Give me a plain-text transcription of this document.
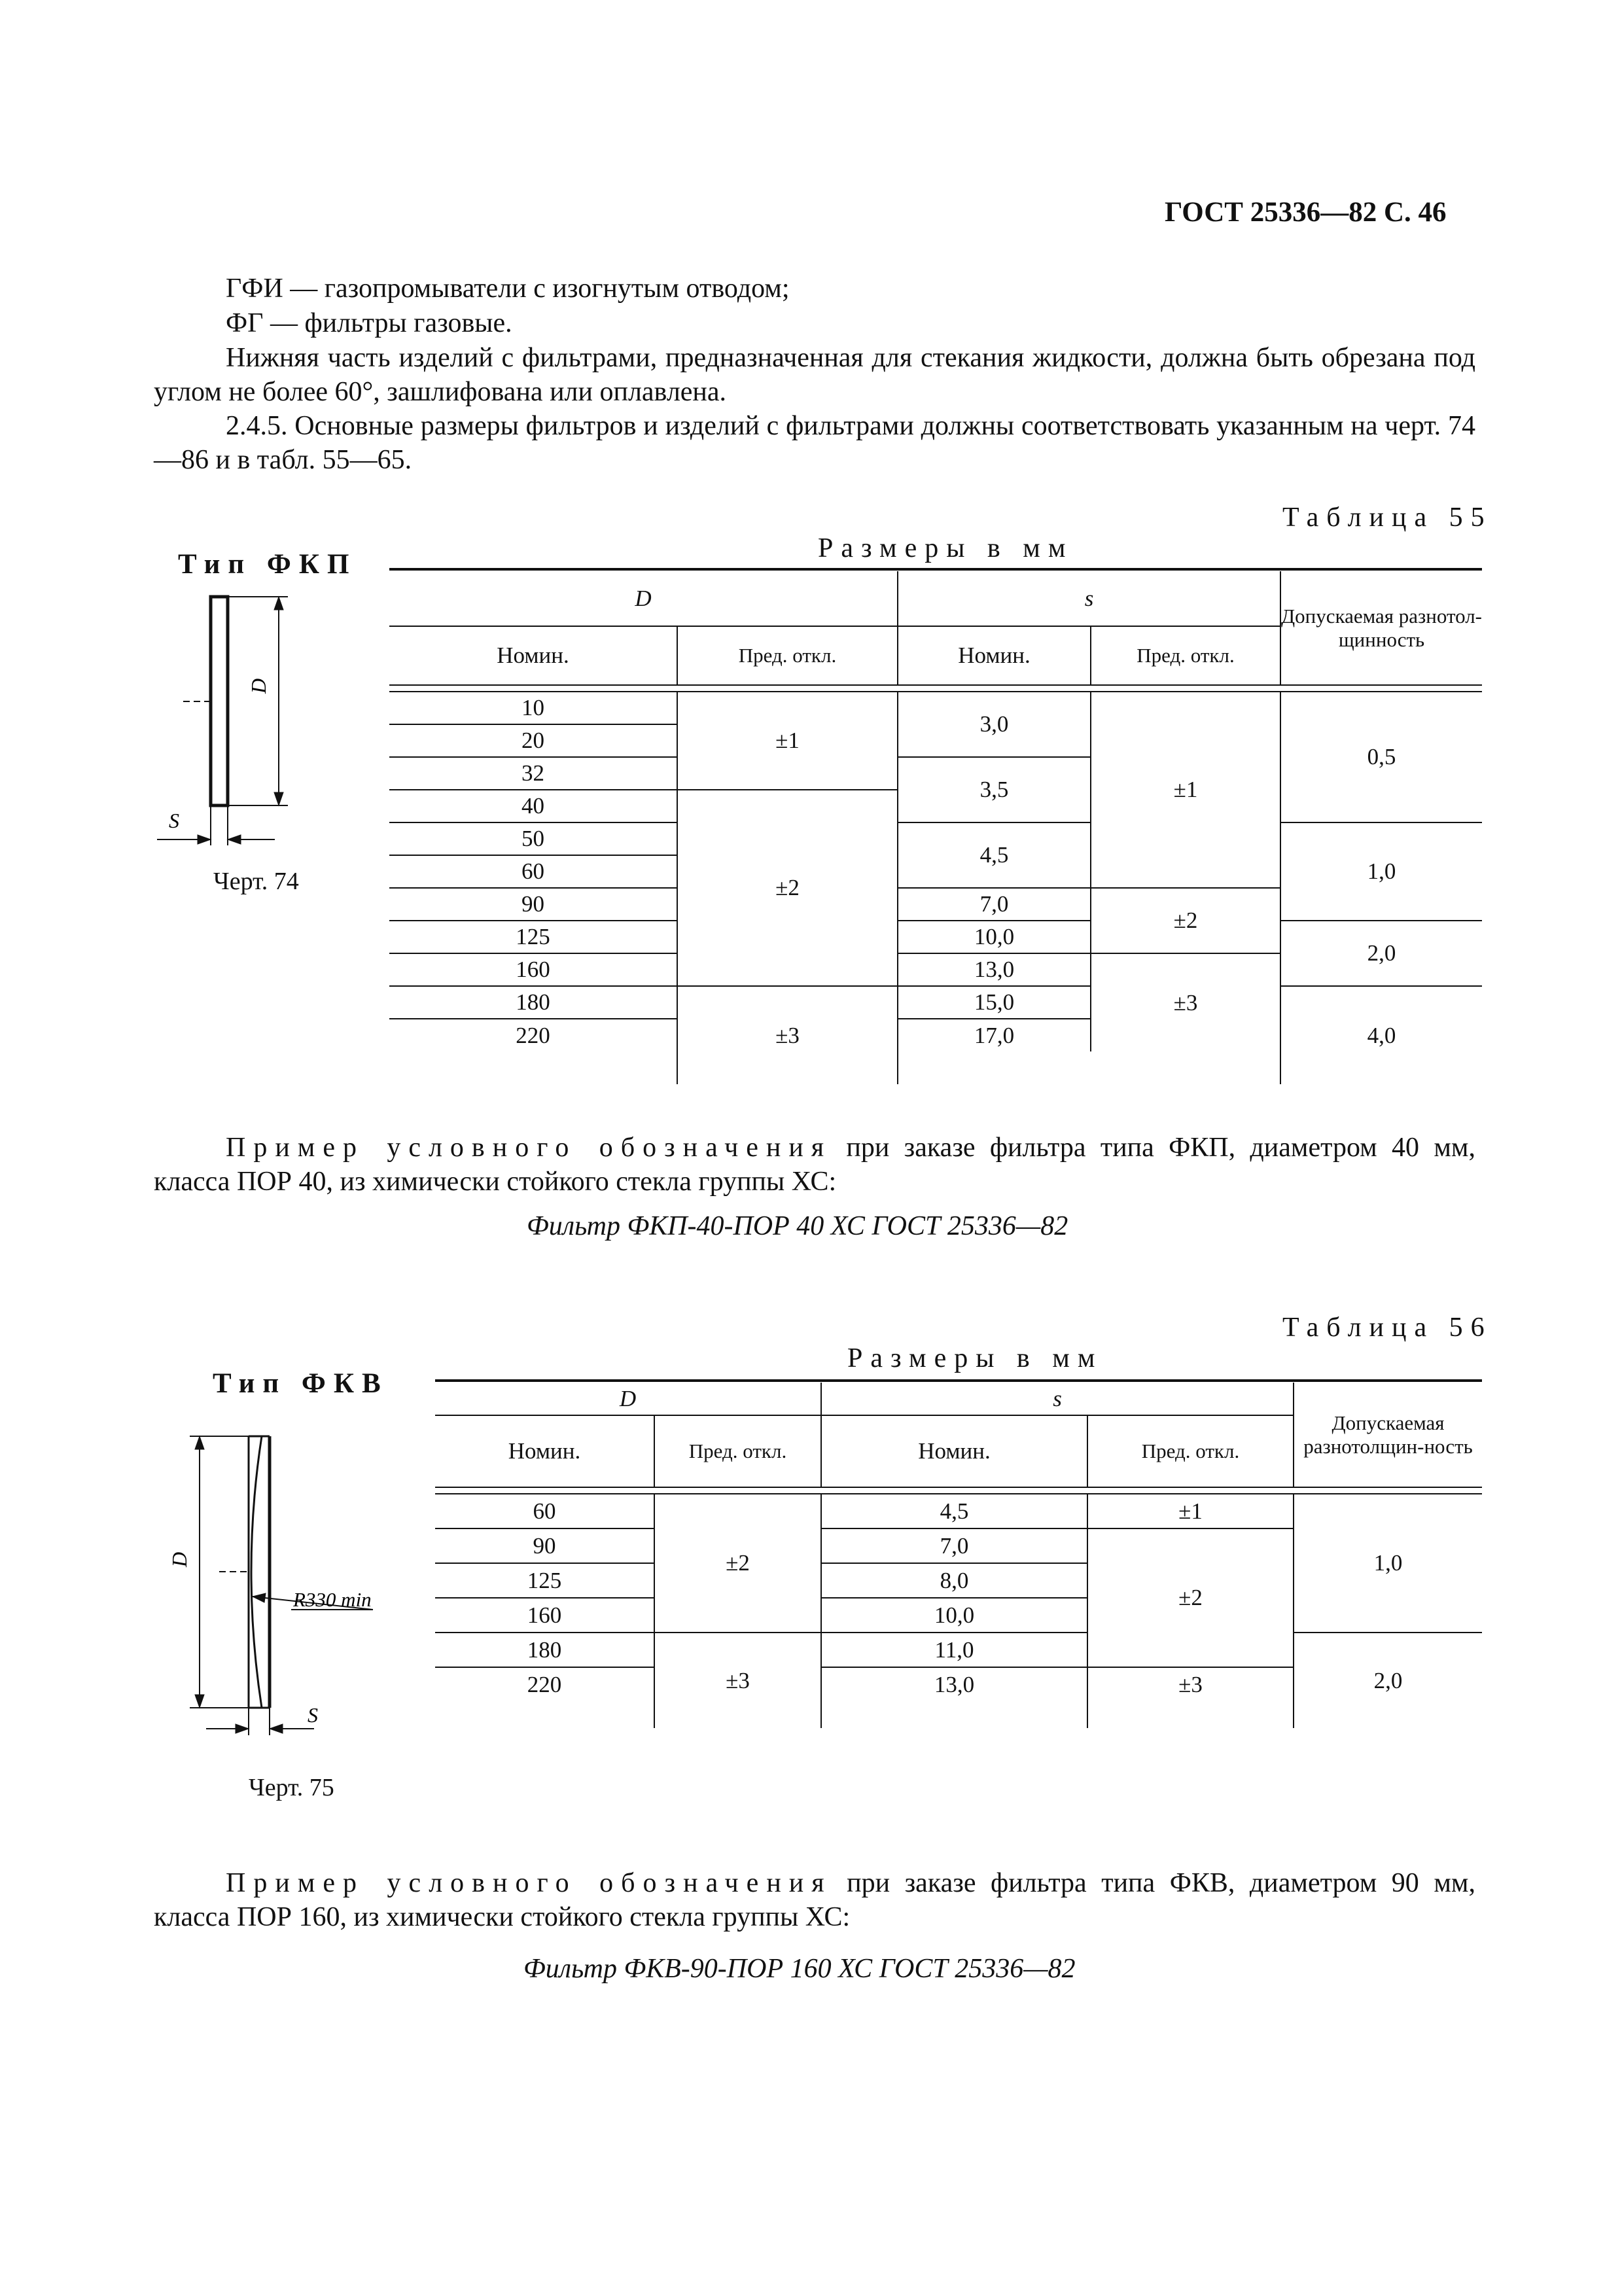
ГОСТ 25336—82 С. 46
ГФИ — газопромыватели с изогнутым отводом;
ФГ — фильтры газовые.
Нижняя часть изделий с фильтрами, предназначенная для стекания жидкости, должна быть обрезана под углом не более 60°, зашлифована или оплавлена.
2.4.5. Основные размеры фильтров и изделий с фильтрами должны соответствовать указанным на черт. 74—86 и в табл. 55—65.
Тип ФКП
Таблица 55
Размеры в мм
D
S
Черт. 74

D		s		Допускаемая разнотол-щинность
Номин.	Пред. откл.	Номин.	Пред. откл.	

10	±1	3,0	±1	0,5
20				
32		3,5		
40	±2			
50		4,5		1,0
60				
90		7,0	±2	
125		10,0		2,0
160		13,0	±3	
180	±3	15,0		4,0
220		17,0		

Пример условного обозначения при заказе фильтра типа ФКП, диаметром 40 мм, класса ПОР 40, из химически стойкого стекла группы ХС:
Фильтр ФКП-40-ПОР 40 ХС ГОСТ 25336—82
Таблица 56
Размеры в мм
Тип ФКВ
D
S
R330 min
Черт. 75

D		s		Допускаемая разнотолщин-ность
Номин.	Пред. откл.	Номин.	Пред. откл.	

60	±2	4,5	±1	1,0
90		7,0	±2	
125		8,0		
160		10,0		
180	±3	11,0		2,0
220		13,0	±3	

Пример условного обозначения при заказе фильтра типа ФКВ, диаметром 90 мм, класса ПОР 160, из химически стойкого стекла группы ХС:
Фильтр ФКВ-90-ПОР 160 ХС ГОСТ 25336—82
